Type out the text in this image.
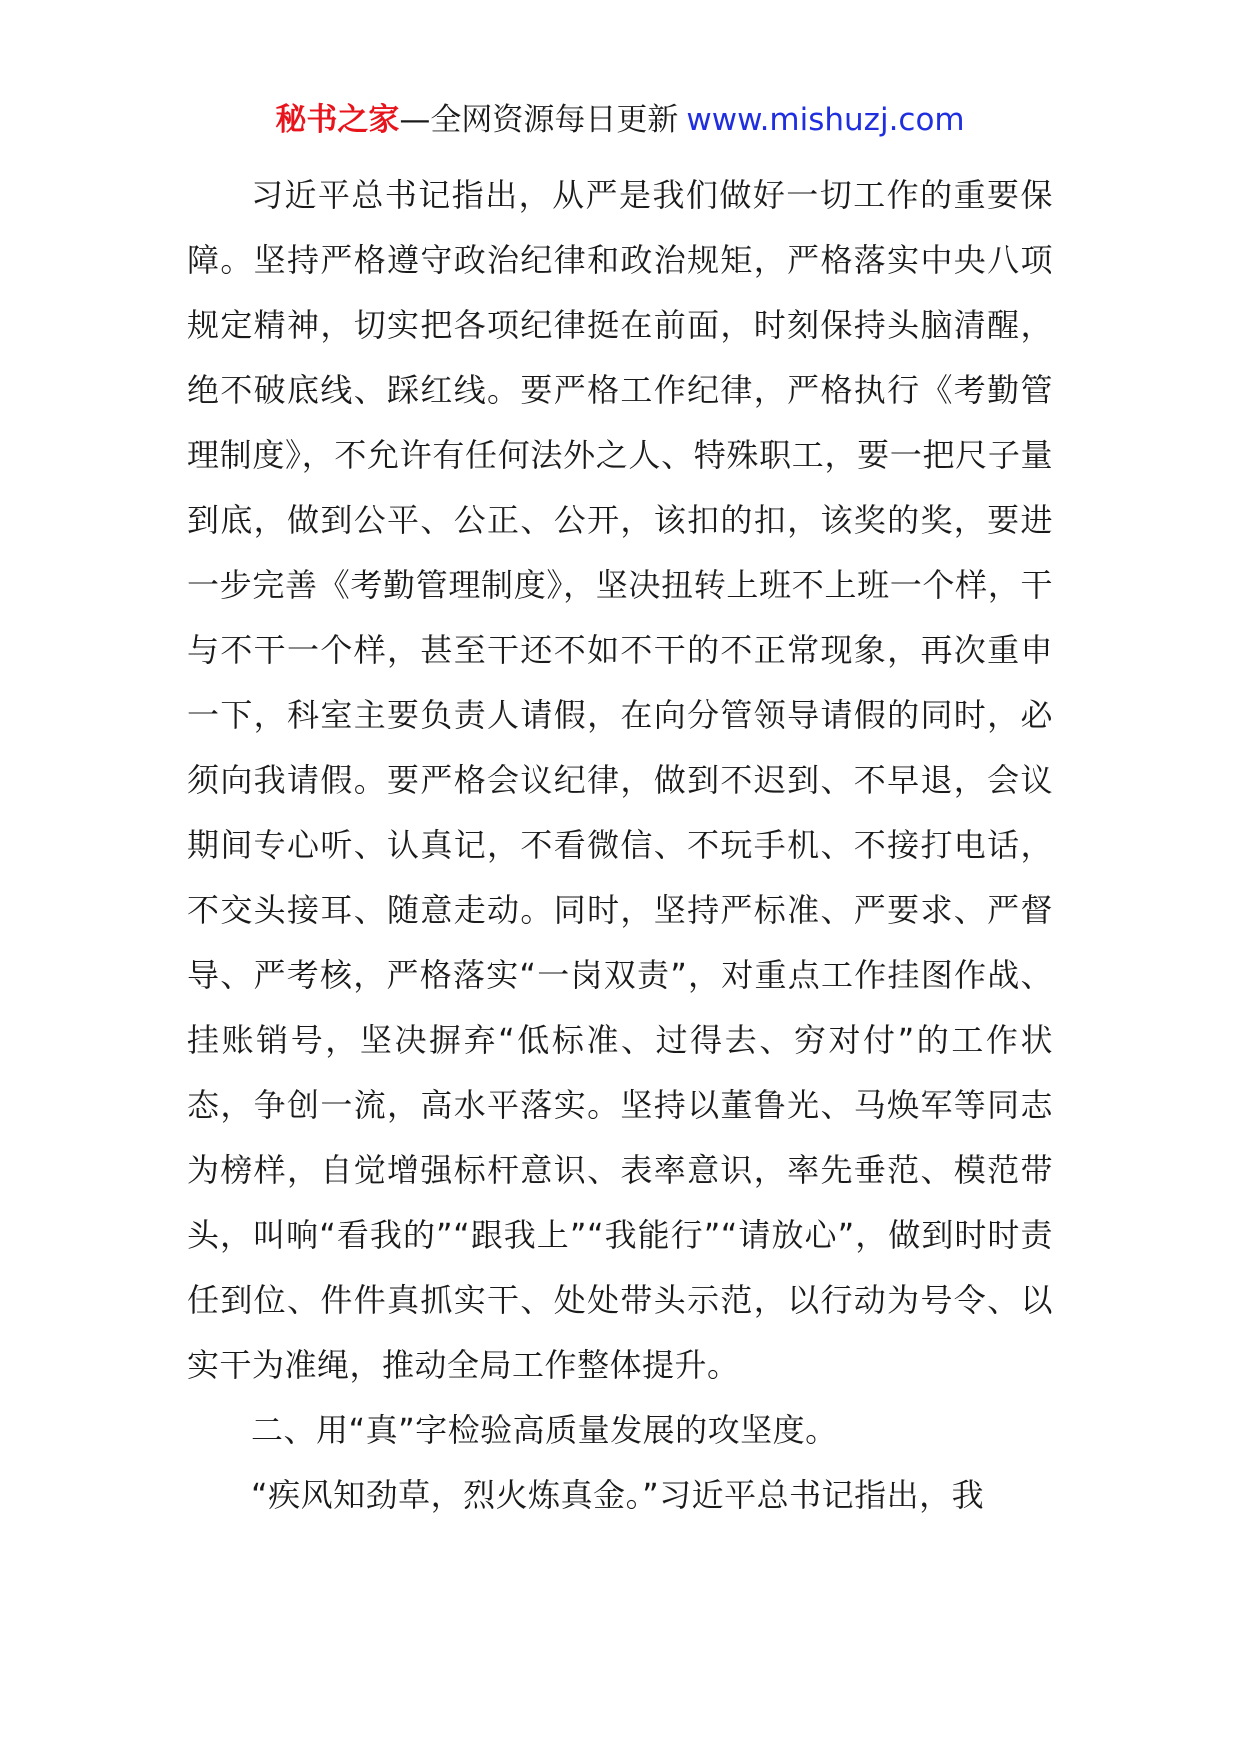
秘书之家—全网资源每日更新 www.mishuzj.com

习近平总书记指出，从严是我们做好一切工作的重要保障。坚持严格遵守政治纪律和政治规矩，严格落实中央八项规定精神，切实把各项纪律挺在前面，时刻保持头脑清醒，绝不破底线、踩红线。要严格工作纪律，严格执行《考勤管理制度》，不允许有任何法外之人、特殊职工，要一把尺子量到底，做到公平、公正、公开，该扣的扣，该奖的奖，要进一步完善《考勤管理制度》，坚决扭转上班不上班一个样，干与不干一个样，甚至干还不如不干的不正常现象，再次重申一下，科室主要负责人请假，在向分管领导请假的同时，必须向我请假。要严格会议纪律，做到不迟到、不早退，会议期间专心听、认真记，不看微信、不玩手机、不接打电话，不交头接耳、随意走动。同时，坚持严标准、严要求、严督导、严考核，严格落实“一岗双责”，对重点工作挂图作战、挂账销号，坚决摒弃“低标准、过得去、穷对付”的工作状态，争创一流，高水平落实。坚持以董鲁光、马焕军等同志为榜样，自觉增强标杆意识、表率意识，率先垂范、模范带头，叫响“看我的”“跟我上”“我能行”“请放心”，做到时时责任到位、件件真抓实干、处处带头示范，以行动为号令、以实干为准绳，推动全局工作整体提升。

二、用“真”字检验高质量发展的攻坚度。

“疾风知劲草，烈火炼真金。”习近平总书记指出，我
